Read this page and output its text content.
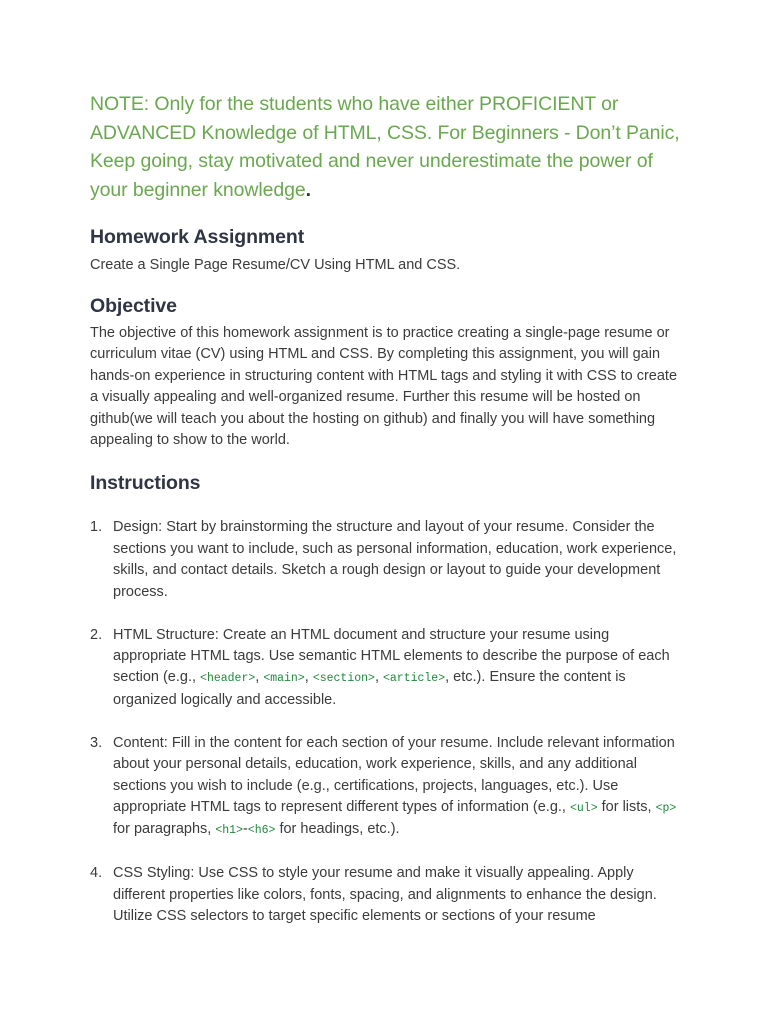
NOTE: Only for the students who have either PROFICIENT or ADVANCED Knowledge of HTML, CSS. For Beginners - Don’t Panic, Keep going, stay motivated and never underestimate the power of your beginner knowledge.

Homework Assignment

Create a Single Page Resume/CV Using HTML and CSS.

Objective

The objective of this homework assignment is to practice creating a single-page resume or curriculum vitae (CV) using HTML and CSS. By completing this assignment, you will gain hands-on experience in structuring content with HTML tags and styling it with CSS to create a visually appealing and well-organized resume. Further this resume will be hosted on github(we will teach you about the hosting on github) and finally you will have something appealing to show to the world.

Instructions
1. Design: Start by brainstorming the structure and layout of your resume. Consider the sections you want to include, such as personal information, education, work experience, skills, and contact details. Sketch a rough design or layout to guide your development process.
2. HTML Structure: Create an HTML document and structure your resume using appropriate HTML tags. Use semantic HTML elements to describe the purpose of each section (e.g., <header>, <main>, <section>, <article>, etc.). Ensure the content is organized logically and accessible.
3. Content: Fill in the content for each section of your resume. Include relevant information about your personal details, education, work experience, skills, and any additional sections you wish to include (e.g., certifications, projects, languages, etc.). Use appropriate HTML tags to represent different types of information (e.g., <ul> for lists, <p> for paragraphs, <h1>-<h6> for headings, etc.).
4. CSS Styling: Use CSS to style your resume and make it visually appealing. Apply different properties like colors, fonts, spacing, and alignments to enhance the design. Utilize CSS selectors to target specific elements or sections of your resume
